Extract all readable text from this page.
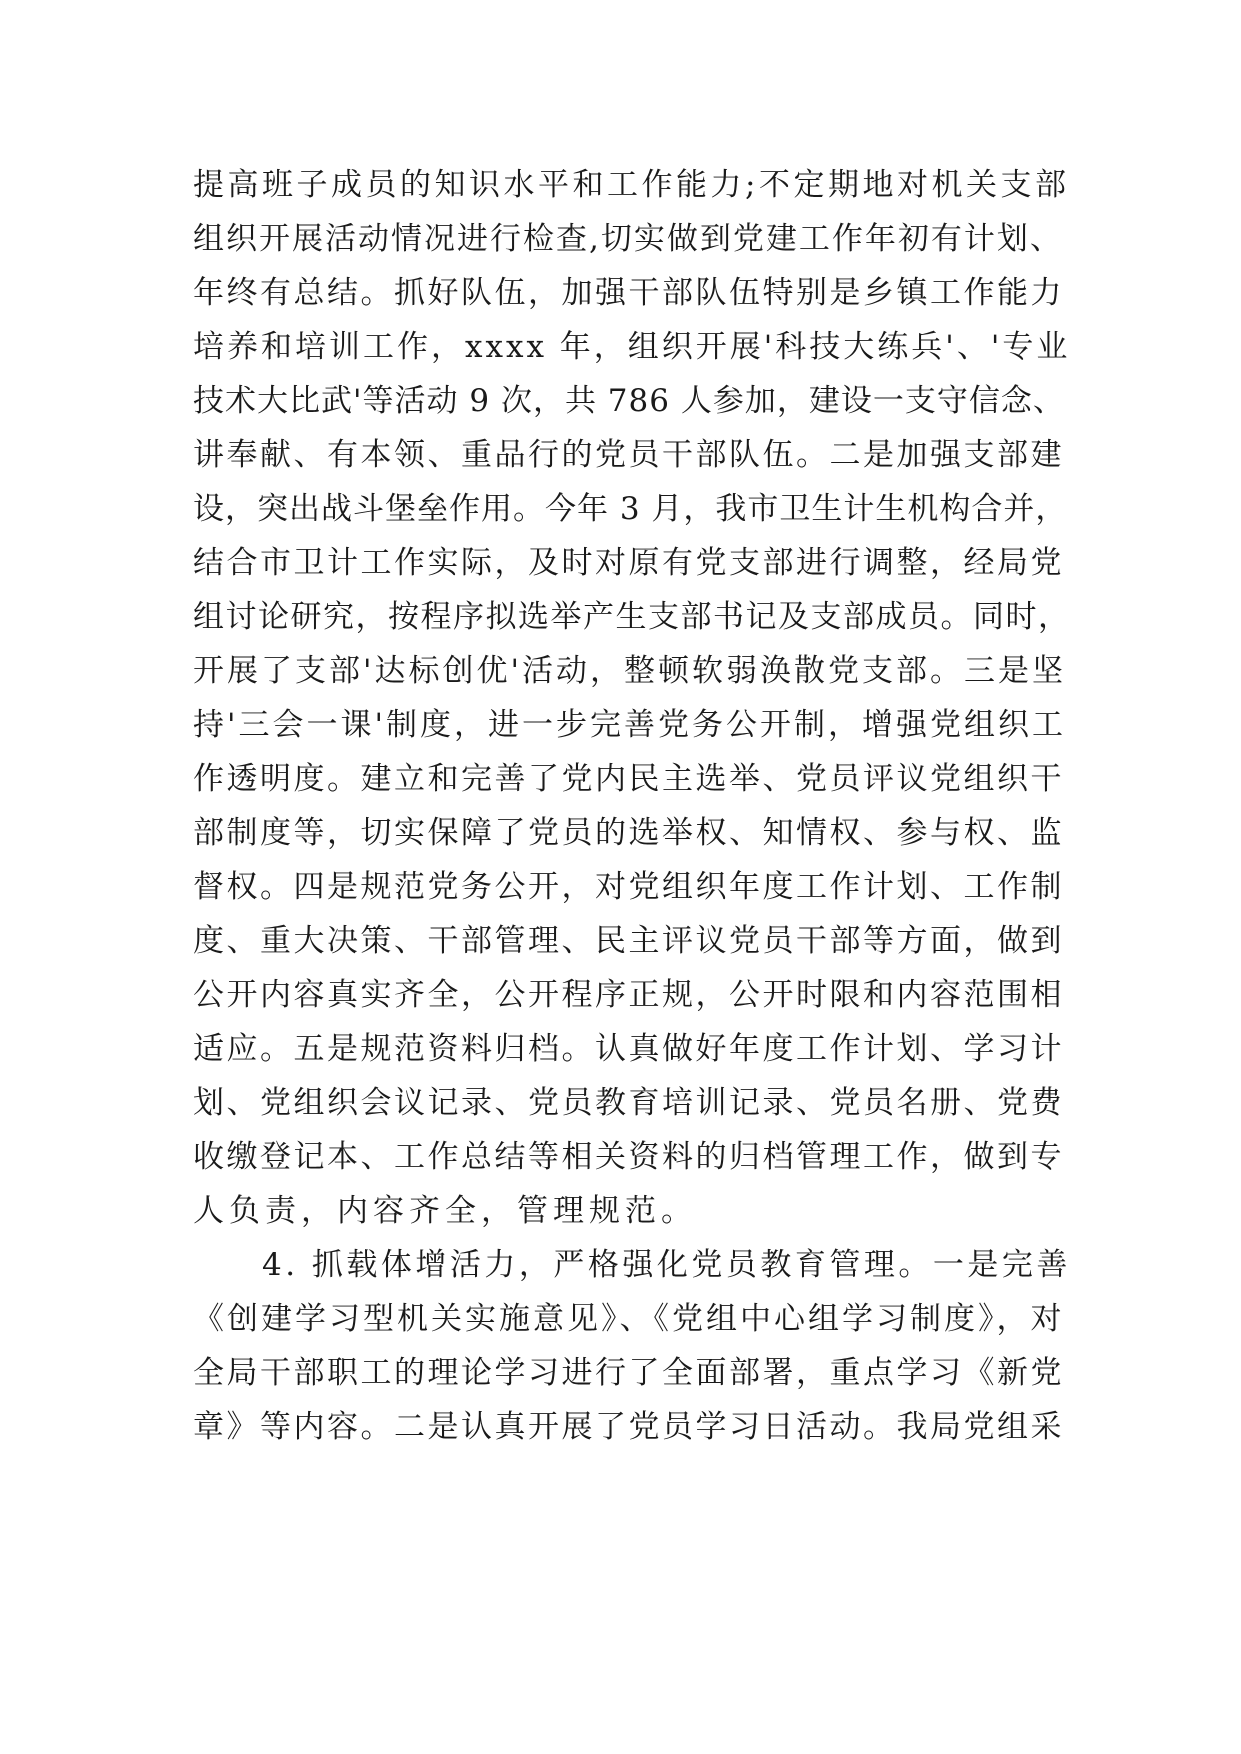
提高班子成员的知识水平和工作能力;不定期地对机关支部
组织开展活动情况进行检查,切实做到党建工作年初有计划、
年终有总结。抓好队伍，加强干部队伍特别是乡镇工作能力
培养和培训工作，xxxx 年，组织开展'科技大练兵'、'专业
技术大比武'等活动 9 次，共 786 人参加，建设一支守信念、
讲奉献、有本领、重品行的党员干部队伍。二是加强支部建
设，突出战斗堡垒作用。今年 3 月，我市卫生计生机构合并，
结合市卫计工作实际，及时对原有党支部进行调整，经局党
组讨论研究，按程序拟选举产生支部书记及支部成员。同时，
开展了支部'达标创优'活动，整顿软弱涣散党支部。三是坚
持'三会一课'制度，进一步完善党务公开制，增强党组织工
作透明度。建立和完善了党内民主选举、党员评议党组织干
部制度等，切实保障了党员的选举权、知情权、参与权、监
督权。四是规范党务公开，对党组织年度工作计划、工作制
度、重大决策、干部管理、民主评议党员干部等方面，做到
公开内容真实齐全，公开程序正规，公开时限和内容范围相
适应。五是规范资料归档。认真做好年度工作计划、学习计
划、党组织会议记录、党员教育培训记录、党员名册、党费
收缴登记本、工作总结等相关资料的归档管理工作，做到专
人负责，内容齐全，管理规范。
　　4. 抓载体增活力，严格强化党员教育管理。一是完善
《创建学习型机关实施意见》、《党组中心组学习制度》，对
全局干部职工的理论学习进行了全面部署，重点学习《新党
章》等内容。二是认真开展了党员学习日活动。我局党组采
